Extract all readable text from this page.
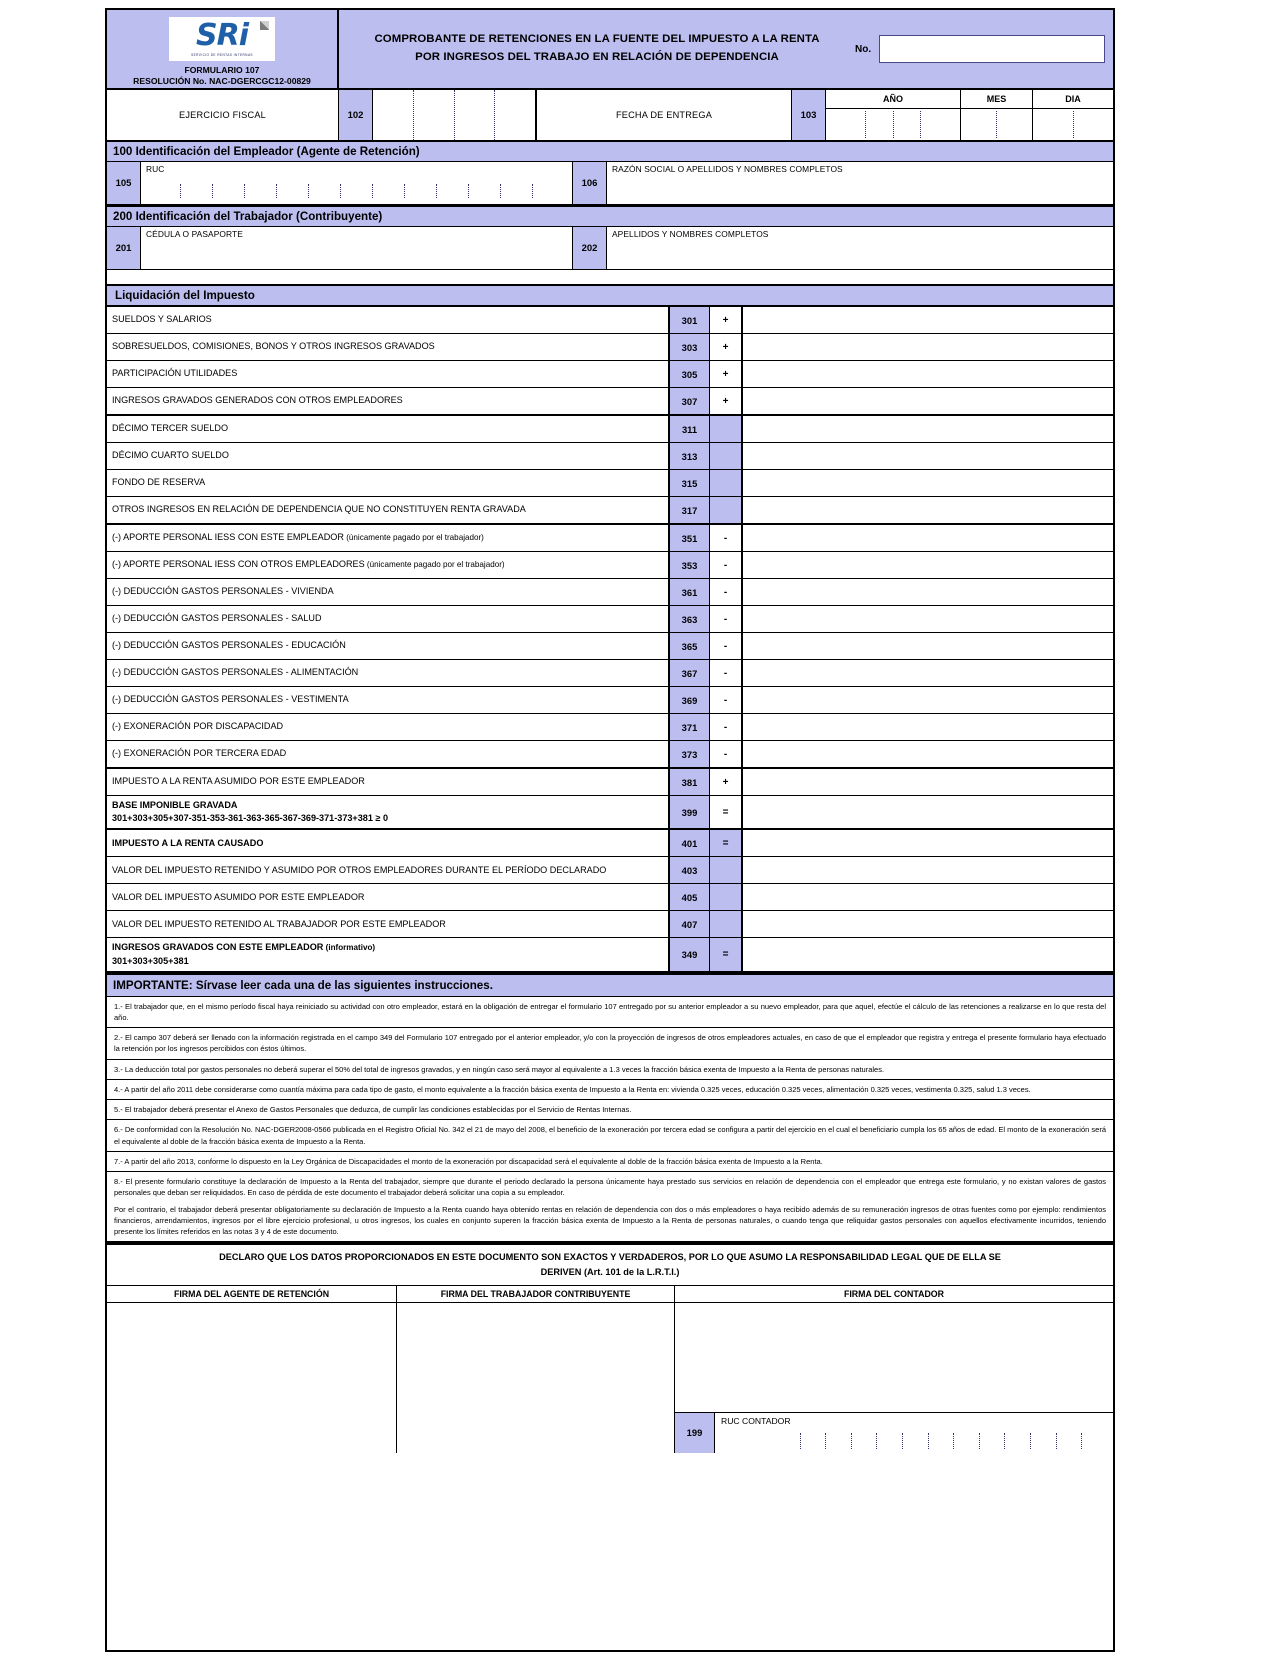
SRi
SERVICIO DE RENTAS INTERNAS
FORMULARIO 107
RESOLUCIÓN No. NAC-DGERCGC12-00829
COMPROBANTE DE RETENCIONES EN LA FUENTE DEL IMPUESTO A LA RENTA
POR INGRESOS DEL TRABAJO EN RELACIÓN DE DEPENDENCIA
No.
EJERCICIO FISCAL	102	FECHA DE ENTREGA	103
AÑO	MES	DIA
100 Identificación del Empleador (Agente de Retención)
105
RUC
106
RAZÓN SOCIAL O APELLIDOS Y NOMBRES COMPLETOS
200 Identificación del Trabajador (Contribuyente)
201
CÉDULA O PASAPORTE
202
APELLIDOS Y NOMBRES COMPLETOS
Liquidación del Impuesto
SUELDOS Y SALARIOS	301	+
SOBRESUELDOS, COMISIONES, BONOS Y OTROS INGRESOS GRAVADOS	303	+
PARTICIPACIÓN UTILIDADES	305	+
INGRESOS GRAVADOS GENERADOS CON OTROS EMPLEADORES	307	+
DÉCIMO TERCER SUELDO	311
DÉCIMO CUARTO SUELDO	313
FONDO DE RESERVA	315
OTROS INGRESOS EN RELACIÓN DE DEPENDENCIA QUE NO CONSTITUYEN RENTA GRAVADA	317
(-) APORTE PERSONAL IESS CON ESTE EMPLEADOR (únicamente pagado por el trabajador)	351	-
(-) APORTE PERSONAL IESS CON OTROS EMPLEADORES (únicamente pagado por el trabajador)	353	-
(-) DEDUCCIÓN GASTOS PERSONALES - VIVIENDA	361	-
(-) DEDUCCIÓN GASTOS PERSONALES - SALUD	363	-
(-) DEDUCCIÓN GASTOS PERSONALES - EDUCACIÓN	365	-
(-) DEDUCCIÓN GASTOS PERSONALES - ALIMENTACIÓN	367	-
(-) DEDUCCIÓN GASTOS PERSONALES - VESTIMENTA	369	-
(-) EXONERACIÓN POR DISCAPACIDAD	371	-
(-) EXONERACIÓN POR TERCERA EDAD	373	-
IMPUESTO A LA RENTA ASUMIDO POR ESTE EMPLEADOR	381	+
BASE IMPONIBLE GRAVADA
301+303+305+307-351-353-361-363-365-367-369-371-373+381 ≥ 0
399	=
IMPUESTO A LA RENTA CAUSADO	401	=
VALOR DEL IMPUESTO RETENIDO Y ASUMIDO POR OTROS EMPLEADORES DURANTE EL PERÍODO DECLARADO	403
VALOR DEL IMPUESTO ASUMIDO POR ESTE EMPLEADOR	405
VALOR DEL IMPUESTO RETENIDO AL TRABAJADOR POR ESTE EMPLEADOR	407
INGRESOS GRAVADOS CON ESTE EMPLEADOR (informativo)
301+303+305+381
349	=
IMPORTANTE: Sírvase leer cada una de las siguientes instrucciones.

1.- El trabajador que, en el mismo período fiscal haya reiniciado su actividad con otro empleador, estará en la obligación de entregar el formulario 107 entregado por su anterior empleador a su nuevo empleador, para que aquel, efectúe el cálculo de las retenciones a realizarse en lo que resta del año.

2.- El campo 307 deberá ser llenado con la información registrada en el campo 349 del Formulario 107 entregado por el anterior empleador, y/o con la proyección de ingresos de otros empleadores actuales, en caso de que el empleador que registra y entrega el presente formulario haya efectuado la retención por los ingresos percibidos con éstos últimos.

3.- La deducción total por gastos personales no deberá superar el 50% del total de ingresos gravados, y en ningún caso será mayor al equivalente a 1.3 veces la fracción básica exenta de Impuesto a la Renta de personas naturales.

4.- A partir del año 2011 debe considerarse como cuantía máxima para cada tipo de gasto, el monto equivalente a la fracción básica exenta de Impuesto a la Renta en: vivienda 0.325 veces, educación 0.325 veces, alimentación 0.325 veces, vestimenta 0.325, salud 1.3 veces.

5.- El trabajador deberá presentar el Anexo de Gastos Personales que deduzca, de cumplir las condiciones establecidas por el Servicio de Rentas Internas.

6.- De conformidad con la Resolución No. NAC-DGER2008-0566 publicada en el Registro Oficial No. 342 el 21 de mayo del 2008, el beneficio de la exoneración por tercera edad se configura a partir del ejercicio en el cual el beneficiario cumpla los 65 años de edad. El monto de la exoneración será el equivalente al doble de la fracción básica exenta de Impuesto a la Renta.

7.- A partir del año 2013, conforme lo dispuesto en la Ley Orgánica de Discapacidades el monto de la exoneración por discapacidad será el equivalente al doble de la fracción básica exenta de Impuesto a la Renta.

8.- El presente formulario constituye la declaración de Impuesto a la Renta del trabajador, siempre que durante el periodo declarado la persona únicamente haya prestado sus servicios en relación de dependencia con el empleador que entrega este formulario, y no existan valores de gastos personales que deban ser reliquidados. En caso de pérdida de este documento el trabajador deberá solicitar una copia a su empleador.

Por el contrario, el trabajador deberá presentar obligatoriamente su declaración de Impuesto a la Renta cuando haya obtenido rentas en relación de dependencia con dos o más empleadores o haya recibido además de su remuneración ingresos de otras fuentes como por ejemplo: rendimientos financieros, arrendamientos, ingresos por el libre ejercicio profesional, u otros ingresos, los cuales en conjunto superen la fracción básica exenta de Impuesto a la Renta de personas naturales, o cuando tenga que reliquidar gastos personales con aquellos efectivamente incurridos, teniendo presente los límites referidos en las notas 3 y 4 de este documento.

DECLARO QUE LOS DATOS PROPORCIONADOS EN ESTE DOCUMENTO SON EXACTOS Y VERDADEROS, POR LO QUE ASUMO LA RESPONSABILIDAD LEGAL QUE DE ELLA SE
DERIVEN (Art. 101 de la L.R.T.I.)
FIRMA DEL AGENTE DE RETENCIÓN	FIRMA DEL TRABAJADOR CONTRIBUYENTE	FIRMA DEL CONTADOR
199
RUC CONTADOR
